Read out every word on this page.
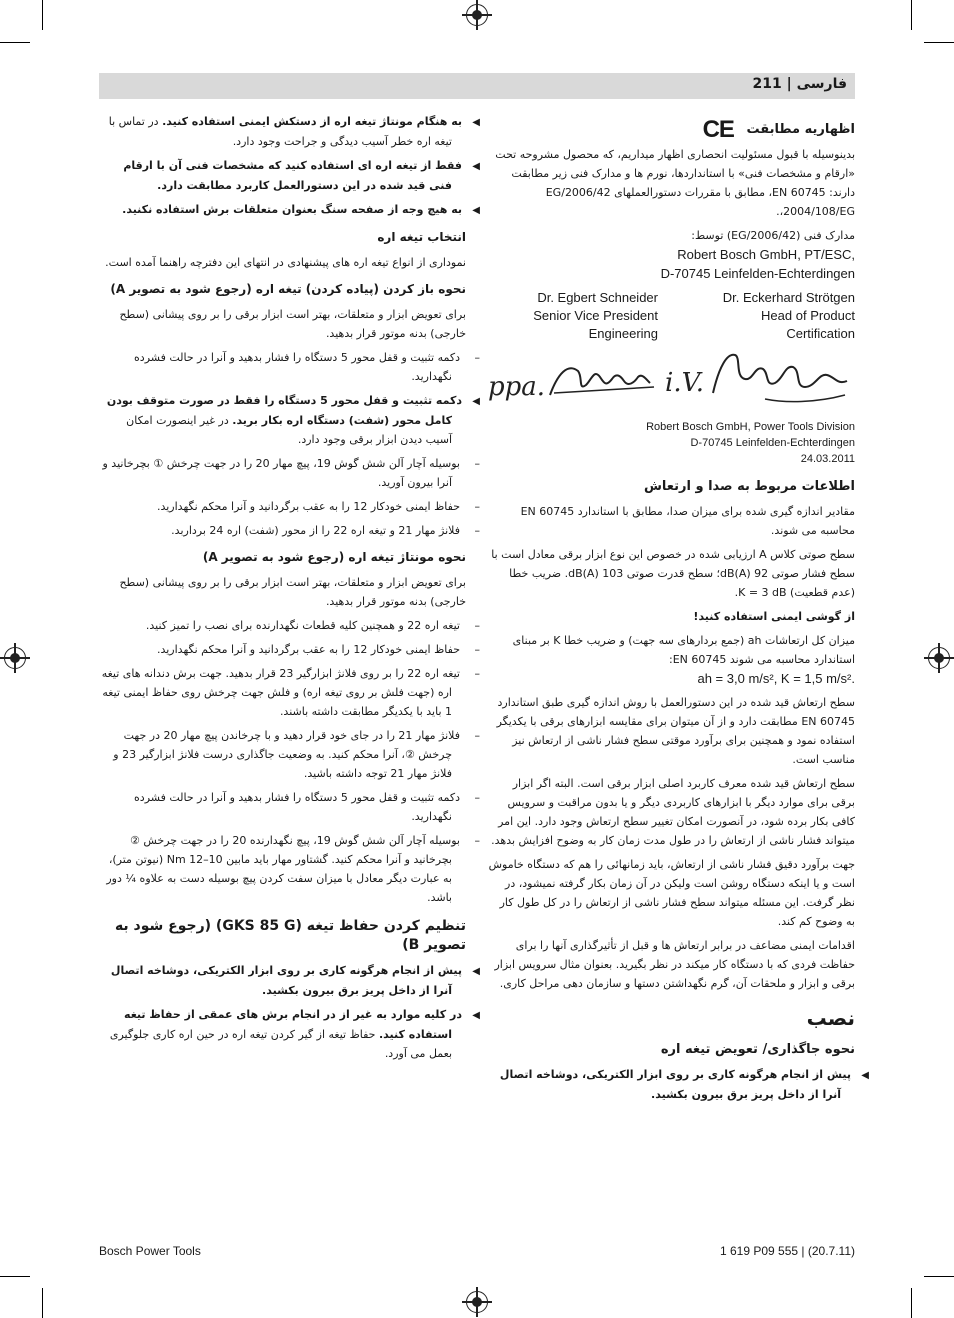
فارسی | 211

اظهاریه مطابقت CE

بدینوسیله با قبول مسئولیت انحصاری اظهار میداریم، که محصول مشروحه تحت «ارقام و مشخصات فنی» با استانداردها، نورم ها و مدارک فنی زیر مطابقت دارند: EN 60745، مطابق با مقررات دستورالعملهای 2006/42/EG ،2004/108/EG.

مدارک فنی (2006/42/EG) توسط:

Robert Bosch GmbH, PT/ESC,
D-70745 Leinfelden-Echterdingen
Dr. Egbert Schneider
Senior Vice President
Engineering
Dr. Eckerhard Strötgen
Head of Product
Certification
ppa.	i.V.
Robert Bosch GmbH, Power Tools Division
D-70745 Leinfelden-Echterdingen
24.03.2011

اطلاعات مربوط به صدا و ارتعاش

مقادیر اندازه گیری شده برای میزان صدا، مطابق با استاندارد EN 60745 محاسبه می شوند.

سطح صوتی کلاس A ارزیابی شده در خصوص این نوع ابزار برقی معادل است با سطح فشار صوتی 92 dB(A)؛ سطح قدرت صوتی 103 dB(A). ضریب خطا (عدم قطعیت) K = 3 dB.

از گوشی ایمنی استفاده کنید!

میزان کل ارتعاشات ah (جمع بردارهای سه جهت) و ضریب خطا K بر مبنای استاندارد محاسبه می شوند EN 60745:

ah = 3,0 m/s², K = 1,5 m/s².

سطح ارتعاش قید شده در این دستورالعمل با روش اندازه گیری طبق استاندارد EN 60745 مطابقت دارد و از آن میتوان برای مقایسه ابزارهای برقی با یکدیگر استفاده نمود و همچنین برای برآورد موقتی سطح فشار ناشی از ارتعاش نیز مناسب است.

سطح ارتعاش قید شده معرف کاربرد اصلی ابزار برقی است. البته اگر ابزار برقی برای موارد دیگر با ابزارهای کاربردی دیگر و یا بدون مراقبت و سرویس کافی بکار برده شود، در آنصورت امکان تغییر سطح ارتعاش وجود دارد. این امر میتواند فشار ناشی از ارتعاش را در طول مدت زمان کار به وضوح افزایش بدهد.

جهت برآورد دقیق فشار ناشی از ارتعاش، باید زمانهائی را هم که دستگاه خاموش است و یا اینکه دستگاه روشن است ولیکن در آن زمان بکار گرفته نمیشود، در نظر گرفت. این مسئله میتواند سطح فشار ناشی از ارتعاش را در کل طول کار به وضوح کم کند.

اقدامات ایمنی مضاعف در برابر ارتعاش ها و قبل از تأثیرگذاری آنها را برای حفاظت فردی که با دستگاه کار میکند در نظر بگیرید. بعنوان مثال سرویس ابزار برقی و ابزار و ملحقات آن، گرم نگهداشتن دستها و سازمان دهی مراحل کاری.

نصب

نحوه جاگذاری/ تعویض تیغه اره

◀پیش از انجام هرگونه کاری بر روی ابزار الکتریکی، دوشاخه اتصال آنرا از داخل پریز برق بیرون بکشید.

◀به هنگام مونتاژ تیغه اره از دستکش ایمنی استفاده کنید. در تماس با تیغه اره خطر آسیب دیدگی و جراحت وجود دارد.

◀فقط از تیغه اره ای استفاده کنید که مشخصات فنی آن با ارقام فنی قید شده در این دستورالعمل کاربرد مطابقت دارد.

◀به هیچ وجه از صفحه سنگ بعنوان متعلقات برش استفاده نکنید.

انتخاب تیغه اره

نموداری از انواع تیغه اره های پیشنهادی در انتهای این دفترچه راهنما آمده است.

نحوه باز کردن (پیاده کردن) تیغه اره (رجوع شود به تصویر A)

برای تعویض ابزار و متعلقات، بهتر است ابزار برقی را بر روی پیشانی (سطح خارجی) بدنه موتور قرار بدهید.

–دکمه تثبیت و قفل محور 5 دستگاه را فشار بدهید و آنرا در حالت فشرده نگهدارید.

◀دکمه تثبیت و قفل محور 5 دستگاه را فقط در صورت متوقف بودن کامل محور (شفت) دستگاه اره بکار برید. در غیر اینصورت امکان آسیب دیدن ابزار برقی وجود دارد.

–بوسیله آچار آلن شش گوش 19، پیچ مهار 20 را در جهت چرخش ① بچرخانید و آنرا بیرون آورید.

–حفاظ ایمنی خودکار 12 را به عقب برگردانید و آنرا محکم نگهدارید.

–فلانژ مهار 21 و تیغه اره 22 را از محور (شفت) اره 24 برداربد.

نحوه مونتاژ تیغه اره (رجوع شود به تصویر A)

برای تعویض ابزار و متعلقات، بهتر است ابزار برقی را بر روی پیشانی (سطح خارجی) بدنه موتور قرار بدهید.

–تیغه اره 22 و همچنین کلیه قطعات نگهدارنده برای نصب را تمیز کنید.

–حفاظ ایمنی خودکار 12 را به عقب برگردانید و آنرا محکم نگهدارید.

–تیغه اره 22 را بر روی فلانژ ابزارگیر 23 قرار بدهید. جهت برش دندانه های تیغه اره (جهت فلش بر روی تیغه اره) و فلش جهت چرخش روی حفاظ ایمنی تیغه 1 باید با یکدیگر مطابقت داشته باشند.

–فلانژ مهار 21 را در جای خود قرار دهید و با چرخاندن پیچ مهار 20 در جهت چرخش ②، آنرا محکم کنید. به وضعیت جاگذاری درست فلانژ ابزارگیر 23 و فلانژ مهار 21 توجه داشته باشید.

–دکمه تثبیت و قفل محور 5 دستگاه را فشار بدهید و آنرا در حالت فشرده نگهدارید.

–بوسیله آچار آلن شش گوش 19، پیچ نگهدارنده 20 را در جهت چرخش ② بچرخانید و آنرا محکم کنید. گشتاور مهار باید مابین 10–12 Nm (نیوتن متر)، به عبارت دیگر معادل با میزان سفت کردن پیچ بوسیله دست به علاوه ¼ دور باشد.

تنظیم کردن حفاظ تیغه (GKS 85 G) (رجوع شود به تصویر B)

◀پیش از انجام هرگونه کاری بر روی ابزار الکتریکی، دوشاخه اتصال آنرا از داخل پریز برق بیرون بکشید.

◀در کلیه موارد به غیر از در انجام برش های عمقی از حفاظ تیغه استفاده کنید. حفاظ تیغه از گیر کردن تیغه اره در حین اره کاری جلوگیری بعمل می آورد.

Bosch Power Tools	1 619 P09 555 | (20.7.11)
